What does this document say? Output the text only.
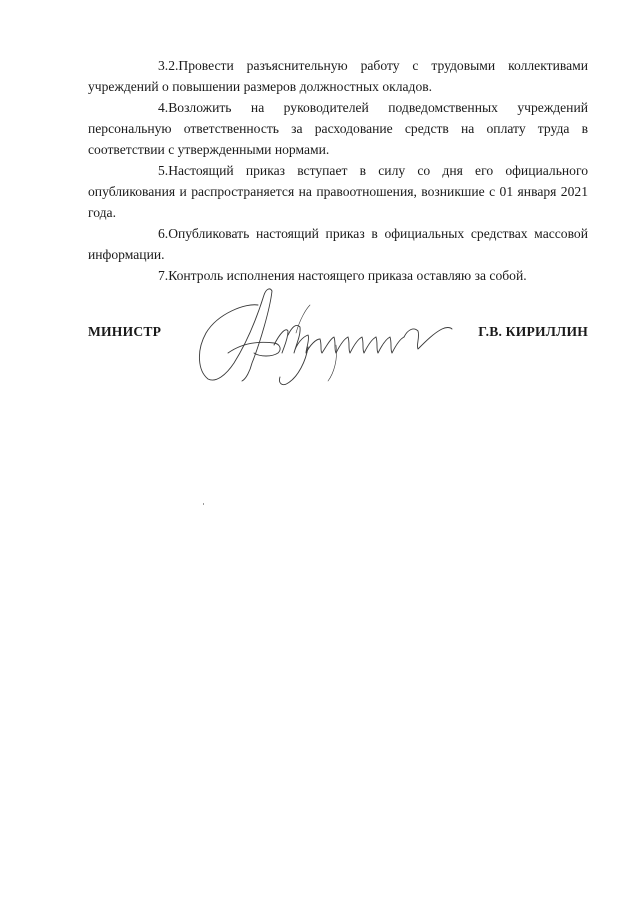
3.2.Провести разъяснительную работу с трудовыми коллективами учреждений о повышении размеров должностных окладов.

4.Возложить на руководителей подведомственных учреждений персональную ответственность за расходование средств на оплату труда в соответствии с утвержденными нормами.

5.Настоящий приказ вступает в силу со дня его официального опубликования и распространяется на правоотношения, возникшие с 01 января 2021 года.

6.Опубликовать настоящий приказ в официальных средствах массовой информации.

7.Контроль исполнения настоящего приказа оставляю за собой.

МИНИСТР	Г.В. КИРИЛЛИН
